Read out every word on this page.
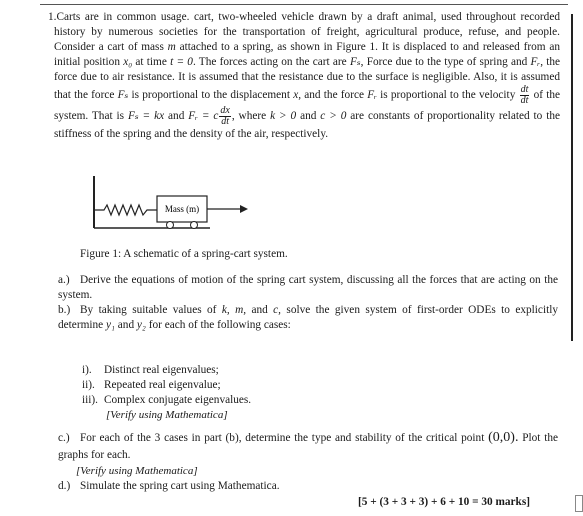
1.Carts are in common usage. cart, two-wheeled vehicle drawn by a draft animal, used throughout recorded history by numerous societies for the transportation of freight, agricultural produce, refuse, and people. Consider a cart of mass m attached to a spring, as shown in Figure 1. It is displaced to and released from an initial position x₀ at time t = 0. The forces acting on the cart are Fₛ, Force due to the type of spring and Fᵣ, the force due to air resistance. It is assumed that the resistance due to the surface is negligible. Also, it is assumed that the force Fₛ is proportional to the displacement x, and the force Fᵣ is proportional to the velocity $\frac{dt}{dt}$ of the system. That is Fₛ = kx and Fᵣ = c $\frac{dx}{dt}$ , where k > 0 and c > 0 are constants of proportionality related to the stiffness of the spring and the density of the air, respectively.
Mass (m)
Figure 1: A schematic of a spring-cart system.
a.) Derive the equations of motion of the spring cart system, discussing all the forces that are acting on the system.
b.) By taking suitable values of k, m, and c, solve the given system of first-order ODEs to explicitly determine y₁ and y₂ for each of the following cases:
i). Distinct real eigenvalues;
ii). Repeated real eigenvalue;
iii). Complex conjugate eigenvalues.
[Verify using Mathematica]
c.) For each of the 3 cases in part (b), determine the type and stability of the critical point (0,0). Plot the graphs for each.
[Verify using Mathematica]
d.) Simulate the spring cart using Mathematica.
[5 + (3 + 3 + 3) + 6 + 10 = 30 marks]
